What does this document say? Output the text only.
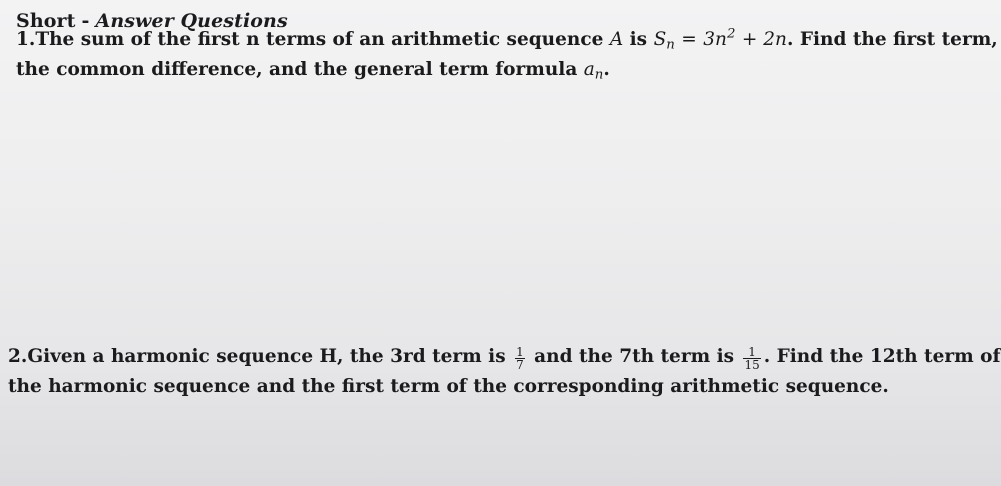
Short - Answer Questions
1.The sum of the first n terms of an arithmetic sequence A is $S_n = 3n^2 + 2n$. Find the first term,
the common difference, and the general term formula $a_n$.
2.Given a harmonic sequence H, the 3rd term is $\frac{1}{7}$ and the 7th term is $\frac{1}{15}$ . Find the 12th term of
the harmonic sequence and the first term of the corresponding arithmetic sequence.
